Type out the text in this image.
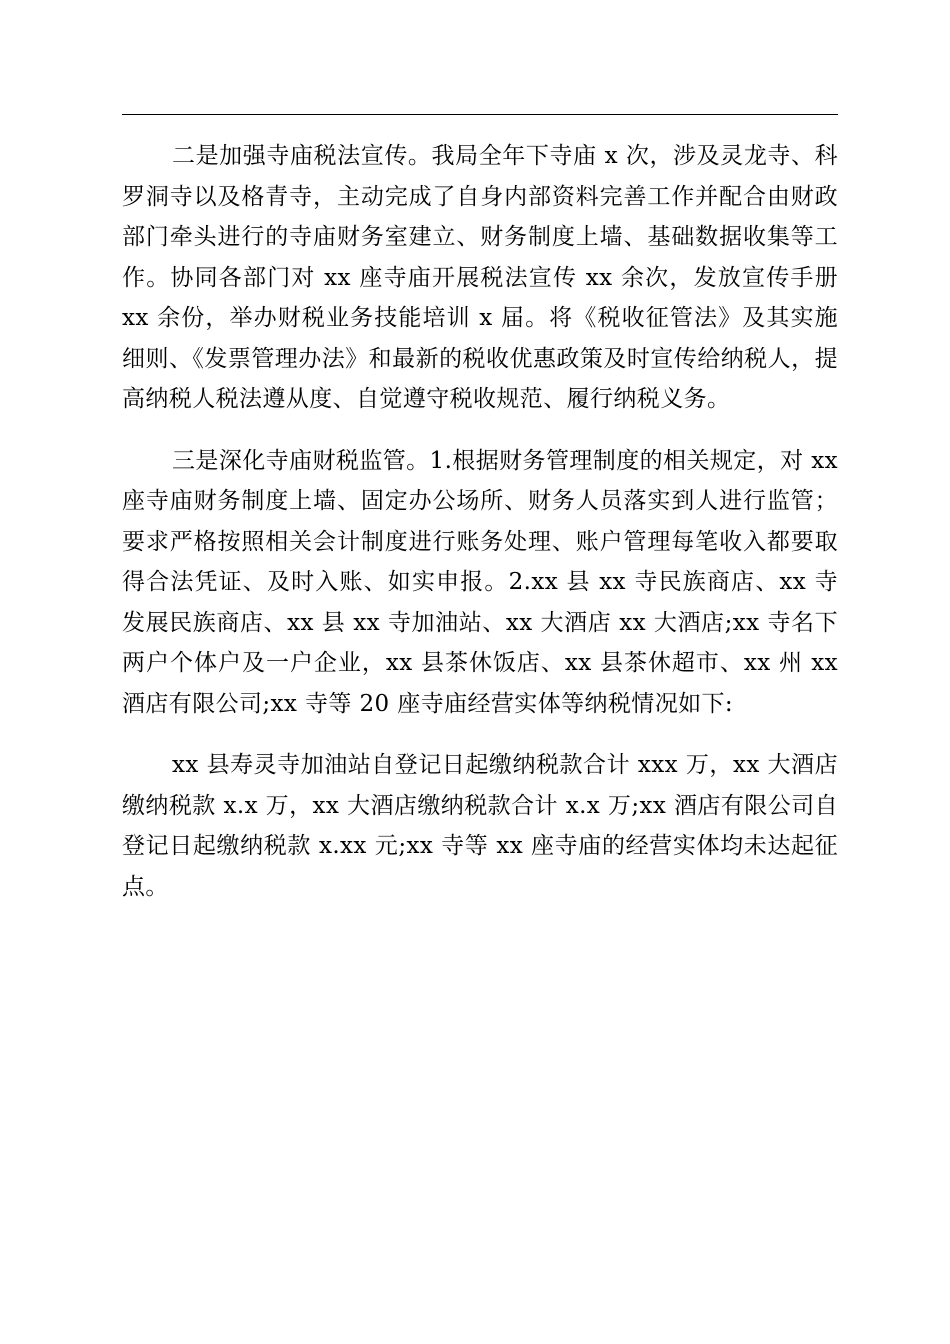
二是加强寺庙税法宣传。我局全年下寺庙 x 次，涉及灵龙寺、科罗洞寺以及格青寺，主动完成了自身内部资料完善工作并配合由财政部门牵头进行的寺庙财务室建立、财务制度上墙、基础数据收集等工作。协同各部门对 xx 座寺庙开展税法宣传 xx 余次，发放宣传手册 xx 余份，举办财税业务技能培训 x 届。将《税收征管法》及其实施细则、《发票管理办法》和最新的税收优惠政策及时宣传给纳税人，提高纳税人税法遵从度、自觉遵守税收规范、履行纳税义务。

三是深化寺庙财税监管。1.根据财务管理制度的相关规定，对 xx 座寺庙财务制度上墙、固定办公场所、财务人员落实到人进行监管；要求严格按照相关会计制度进行账务处理、账户管理每笔收入都要取得合法凭证、及时入账、如实申报。2.xx 县 xx 寺民族商店、xx 寺发展民族商店、xx 县 xx 寺加油站、xx 大酒店 xx 大酒店;xx 寺名下两户个体户及一户企业，xx 县茶休饭店、xx 县茶休超市、xx 州 xx 酒店有限公司;xx 寺等 20 座寺庙经营实体等纳税情况如下:

xx 县寿灵寺加油站自登记日起缴纳税款合计 xxx 万，xx 大酒店缴纳税款 x.x 万，xx 大酒店缴纳税款合计 x.x 万;xx 酒店有限公司自登记日起缴纳税款 x.xx 元;xx 寺等 xx 座寺庙的经营实体均未达起征点。
